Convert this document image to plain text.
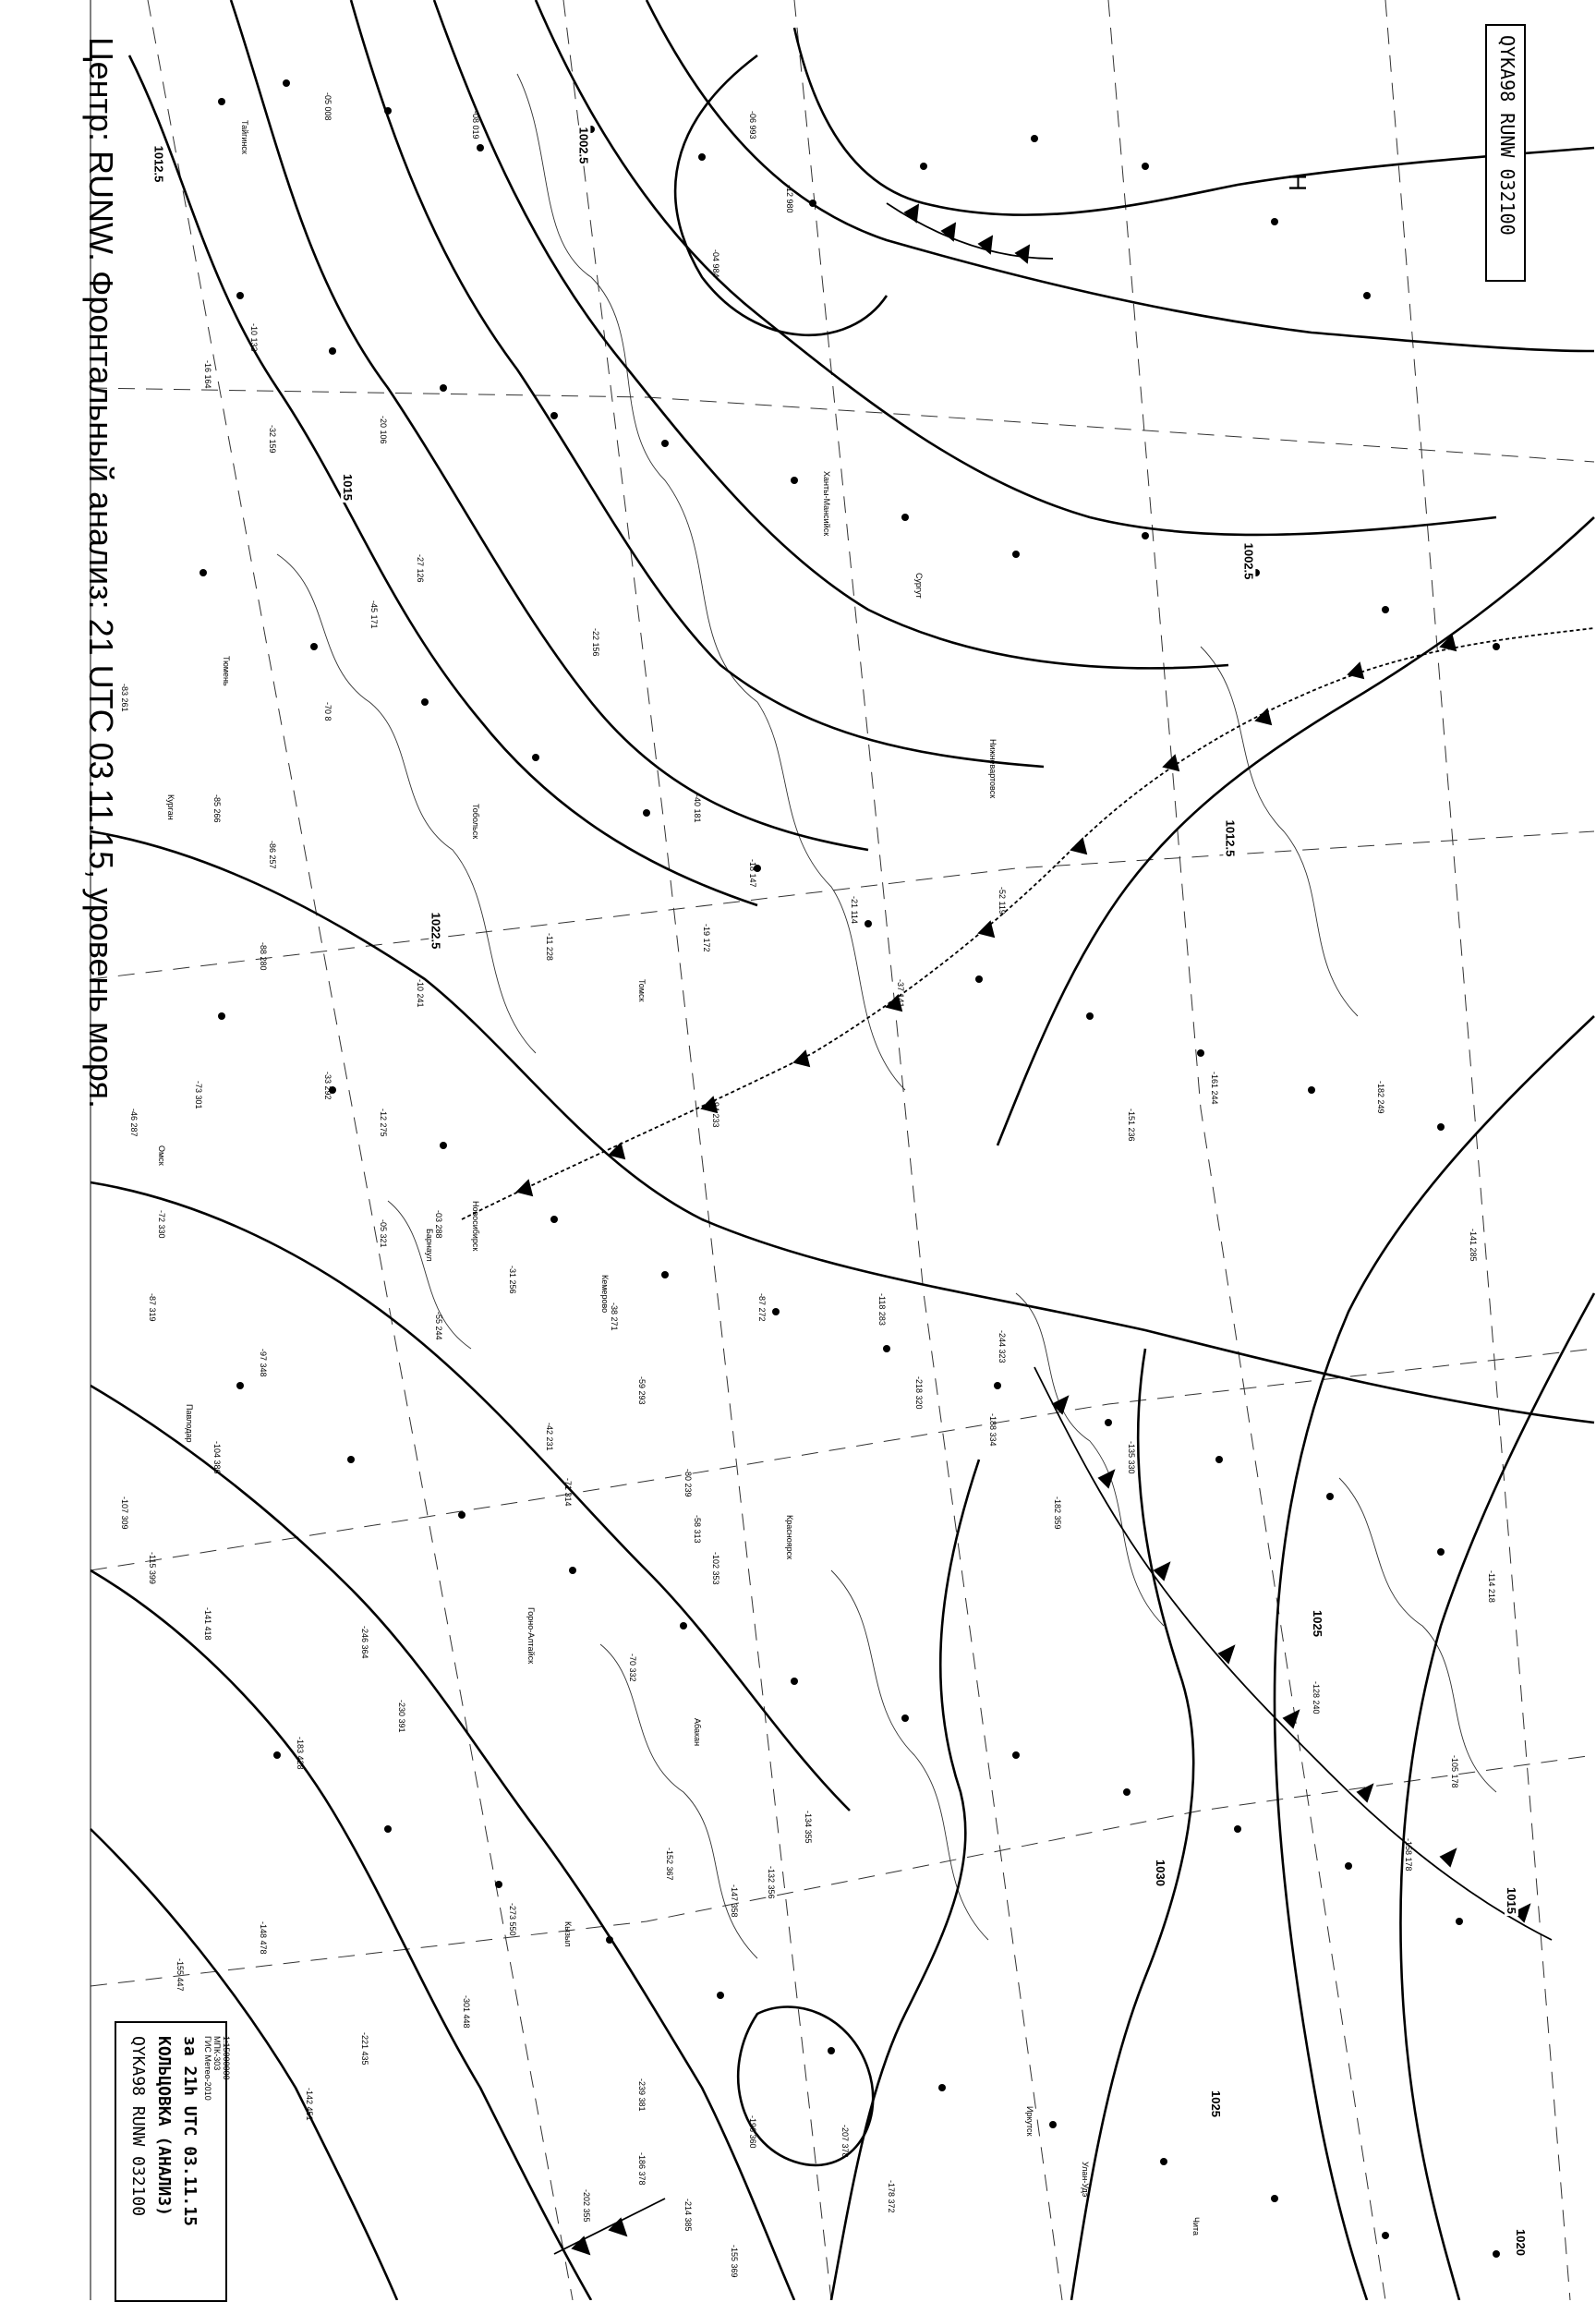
Центр: RUNW. Фронтальный анализ: 21 UTC 03.11.15, уровень моря.	H	QYKA98 RUNW 032100
1012.5
1015
1002.5
1022.5
1012.5
1002.5
1025
1030
1025
1015
1020
-04 984
-06 993
-12 980
-05 008
-08 019
-10 133
-16 164
-32 159	-20 106
-27 126
-45 171
-70 8
-83 261
-85 266
-86 257
-88 280
-73 301
-46 287
-72 330
-87 319
-97 348
-104 386
-107 309
-115 399
-141 418
-183 428
-142 451
-148 478
-155 447
-273 550
-301 448
-221 435
-230 391
-246 364
-239 381
-202 355
-186 378
-214 385
-155 369
-178 372
-134 355
-132 356
-147 358
-152 367
-207 378
-196 360
-151 236
-161 244
-141 285
-182 249
-128 240
-158 178
-105 178
-114 218
-135 330
-182 359
-188 334
-218 320
-244 323
-118 283
-87 272
-59 293
-38 271
-31 256
-42 231
-55 244
-71 314
-58 313
-102 353
-80 239
-70 332
-94 233
-40 181
-22 156
-37 141
-52 119
-21 114
-18 147
-19 172
-11 228
-10 241
-12 275
-03 288
-05 321
-33 292
Тайгинск
Кемерово
Барнаул	Новосибирск
Томск
Омск
Красноярск
Кызыл
Абакан
Горно-Алтайск
Павлодар
Курган
Тюмень
Ханты-Мансийск
Сургут
Нижневартовск
Тобольск
Иркутск
Улан-Удэ
Чита
QYKA98 RUNW 032100 КОЛЬЦОВКА (АНАЛИЗ) за 21h UTC 03.11.15 ГИС Метео-2010 МПК-303 1:15000000
